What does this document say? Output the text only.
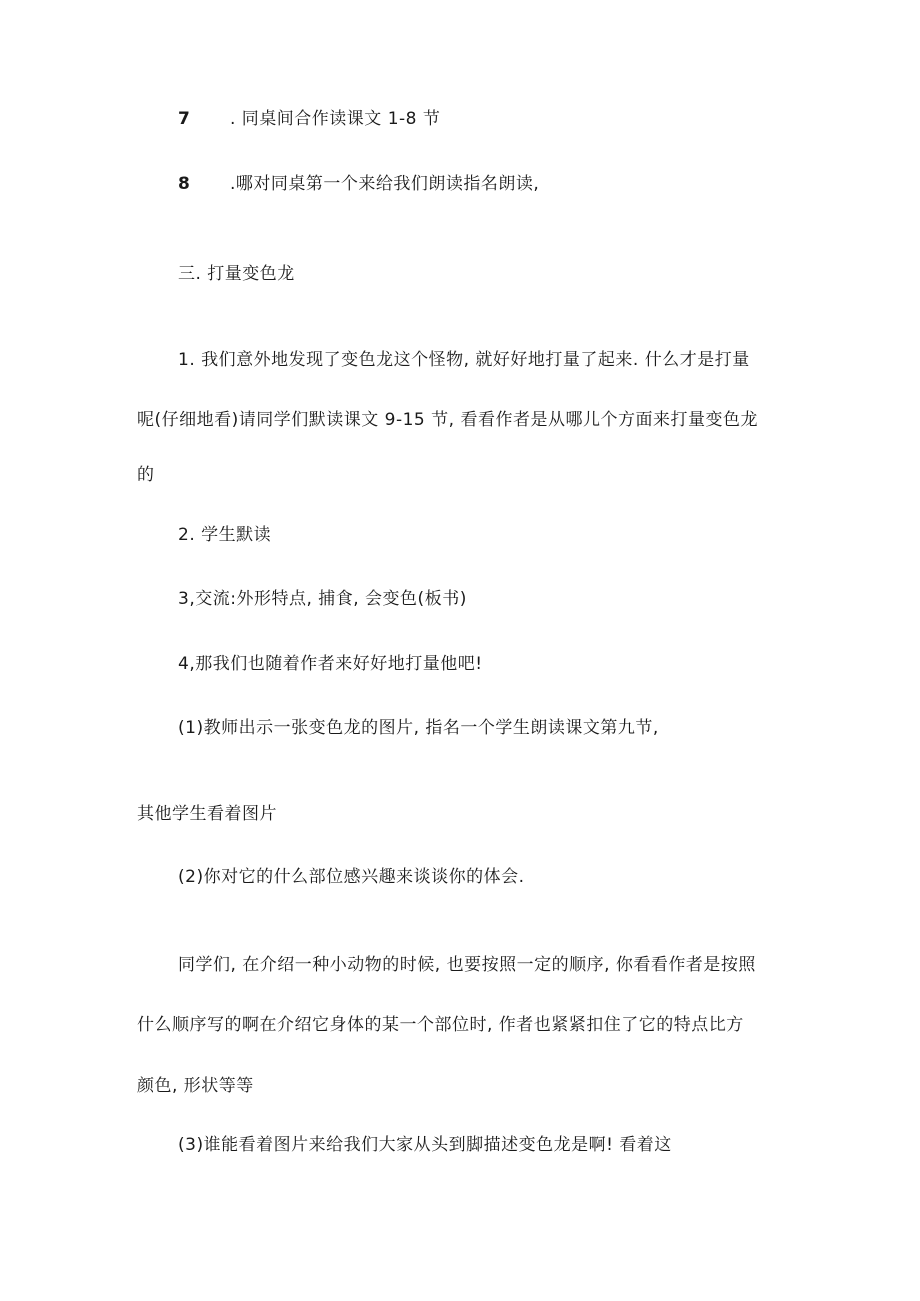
7 . 同桌间合作读课文 1-8 节
8 .哪对同桌第一个来给我们朗读指名朗读,
三. 打量变色龙
1. 我们意外地发现了变色龙这个怪物, 就好好地打量了起来. 什么才是打量
呢(仔细地看)请同学们默读课文 9-15 节, 看看作者是从哪儿个方面来打量变色龙
的
2. 学生默读
3,交流:外形特点, 捕食, 会变色(板书)
4,那我们也随着作者来好好地打量他吧!
(1)教师出示一张变色龙的图片, 指名一个学生朗读课文第九节,
其他学生看着图片
(2)你对它的什么部位感兴趣来谈谈你的体会.
同学们, 在介绍一种小动物的时候, 也要按照一定的顺序, 你看看作者是按照
什么顺序写的啊在介绍它身体的某一个部位时, 作者也紧紧扣住了它的特点比方
颜色, 形状等等
(3)谁能看着图片来给我们大家从头到脚描述变色龙是啊! 看着这
